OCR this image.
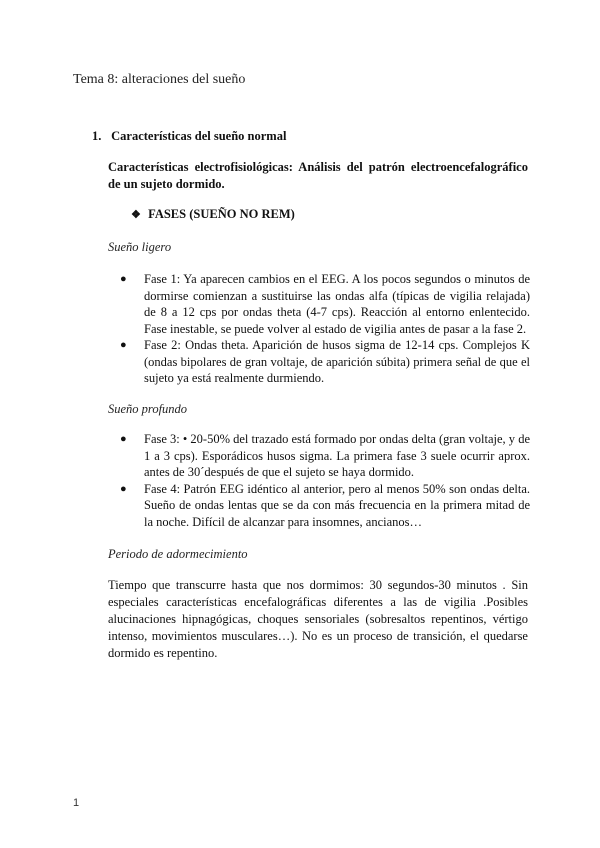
Tema 8: alteraciones del sueño
1. Características del sueño normal
Características electrofisiológicas: Análisis del patrón electroencefalográfico de un sujeto dormido.
❖ FASES (SUEÑO NO REM)
Sueño ligero
● Fase 1: Ya aparecen cambios en el EEG. A los pocos segundos o minutos de dormirse comienzan a sustituirse las ondas alfa (típicas de vigilia relajada) de 8 a 12 cps por ondas theta (4-7 cps). Reacción al entorno enlentecido. Fase inestable, se puede volver al estado de vigilia antes de pasar a la fase 2.
● Fase 2: Ondas theta. Aparición de husos sigma de 12-14 cps. Complejos K (ondas bipolares de gran voltaje, de aparición súbita) primera señal de que el sujeto ya está realmente durmiendo.
Sueño profundo
● Fase 3: • 20-50% del trazado está formado por ondas delta (gran voltaje, y de 1 a 3 cps). Esporádicos husos sigma. La primera fase 3 suele ocurrir aprox. antes de 30´después de que el sujeto se haya dormido.
● Fase 4: Patrón EEG idéntico al anterior, pero al menos 50% son ondas delta. Sueño de ondas lentas que se da con más frecuencia en la primera mitad de la noche. Difícil de alcanzar para insomnes, ancianos…
Periodo de adormecimiento
Tiempo que transcurre hasta que nos dormimos: 30 segundos-30 minutos . Sin especiales características encefalográficas diferentes a las de vigilia .Posibles alucinaciones hipnagógicas, choques sensoriales (sobresaltos repentinos, vértigo intenso, movimientos musculares…). No es un proceso de transición, el quedarse dormido es repentino.
1
